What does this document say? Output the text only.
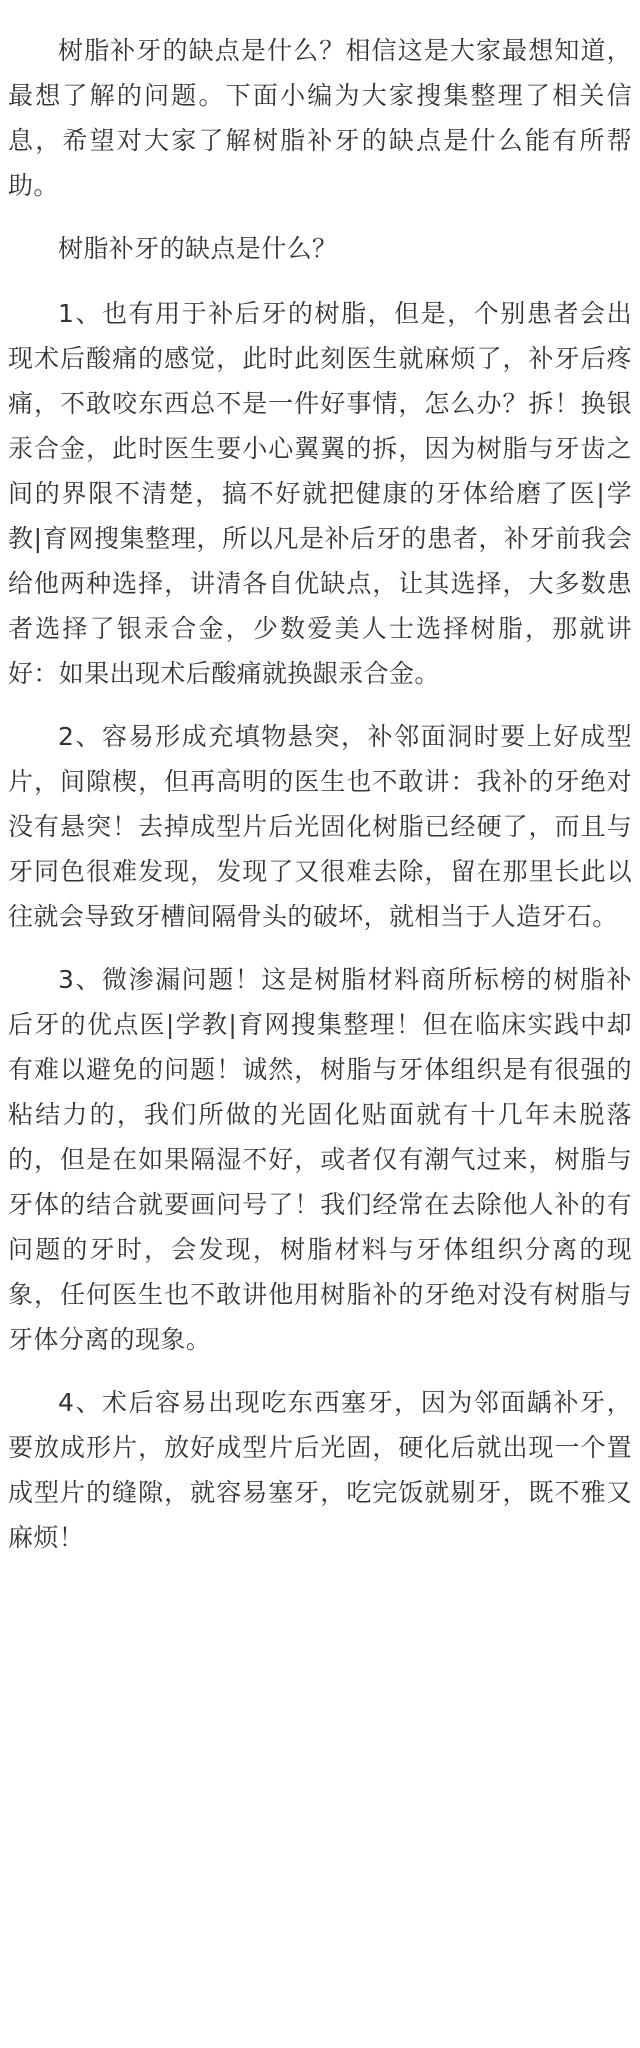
树脂补牙的缺点是什么？相信这是大家最想知道，最想了解的问题。下面小编为大家搜集整理了相关信息，希望对大家了解树脂补牙的缺点是什么能有所帮助。

树脂补牙的缺点是什么？

1、也有用于补后牙的树脂，但是，个别患者会出现术后酸痛的感觉，此时此刻医生就麻烦了，补牙后疼痛，不敢咬东西总不是一件好事情，怎么办？拆！换银汞合金，此时医生要小心翼翼的拆，因为树脂与牙齿之间的界限不清楚，搞不好就把健康的牙体给磨了医|学教|育网搜集整理，所以凡是补后牙的患者，补牙前我会给他两种选择，讲清各自优缺点，让其选择，大多数患者选择了银汞合金，少数爱美人士选择树脂，那就讲好：如果出现术后酸痛就换龈汞合金。

2、容易形成充填物悬突，补邻面洞时要上好成型片，间隙楔，但再高明的医生也不敢讲：我补的牙绝对没有悬突！去掉成型片后光固化树脂已经硬了，而且与牙同色很难发现，发现了又很难去除，留在那里长此以往就会导致牙槽间隔骨头的破坏，就相当于人造牙石。

3、微渗漏问题！这是树脂材料商所标榜的树脂补后牙的优点医|学教|育网搜集整理！但在临床实践中却有难以避免的问题！诚然，树脂与牙体组织是有很强的粘结力的，我们所做的光固化贴面就有十几年未脱落的，但是在如果隔湿不好，或者仅有潮气过来，树脂与牙体的结合就要画问号了！我们经常在去除他人补的有问题的牙时，会发现，树脂材料与牙体组织分离的现象，任何医生也不敢讲他用树脂补的牙绝对没有树脂与牙体分离的现象。

4、术后容易出现吃东西塞牙，因为邻面龋补牙，要放成形片，放好成型片后光固，硬化后就出现一个置成型片的缝隙，就容易塞牙，吃完饭就剔牙，既不雅又麻烦！
